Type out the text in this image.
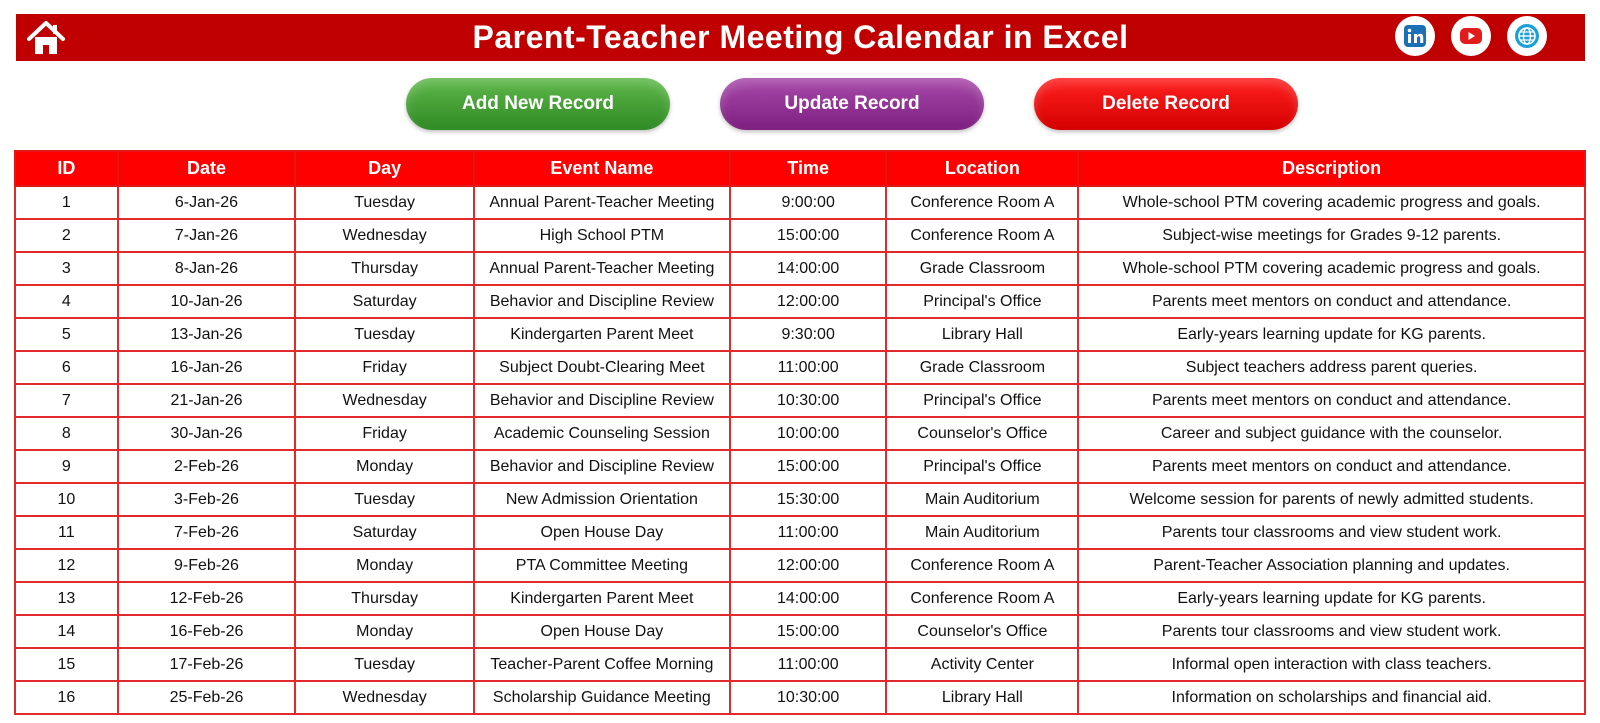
Parent-Teacher Meeting Calendar in Excel
Add New Record	Update Record	Delete Record
ID	Date	Day	Event Name	Time	Location	Description
1	6-Jan-26	Tuesday	Annual Parent-Teacher Meeting	9:00:00	Conference Room A	Whole-school PTM covering academic progress and goals.
2	7-Jan-26	Wednesday	High School PTM	15:00:00	Conference Room A	Subject-wise meetings for Grades 9-12 parents.
3	8-Jan-26	Thursday	Annual Parent-Teacher Meeting	14:00:00	Grade Classroom	Whole-school PTM covering academic progress and goals.
4	10-Jan-26	Saturday	Behavior and Discipline Review	12:00:00	Principal's Office	Parents meet mentors on conduct and attendance.
5	13-Jan-26	Tuesday	Kindergarten Parent Meet	9:30:00	Library Hall	Early-years learning update for KG parents.
6	16-Jan-26	Friday	Subject Doubt-Clearing Meet	11:00:00	Grade Classroom	Subject teachers address parent queries.
7	21-Jan-26	Wednesday	Behavior and Discipline Review	10:30:00	Principal's Office	Parents meet mentors on conduct and attendance.
8	30-Jan-26	Friday	Academic Counseling Session	10:00:00	Counselor's Office	Career and subject guidance with the counselor.
9	2-Feb-26	Monday	Behavior and Discipline Review	15:00:00	Principal's Office	Parents meet mentors on conduct and attendance.
10	3-Feb-26	Tuesday	New Admission Orientation	15:30:00	Main Auditorium	Welcome session for parents of newly admitted students.
11	7-Feb-26	Saturday	Open House Day	11:00:00	Main Auditorium	Parents tour classrooms and view student work.
12	9-Feb-26	Monday	PTA Committee Meeting	12:00:00	Conference Room A	Parent-Teacher Association planning and updates.
13	12-Feb-26	Thursday	Kindergarten Parent Meet	14:00:00	Conference Room A	Early-years learning update for KG parents.
14	16-Feb-26	Monday	Open House Day	15:00:00	Counselor's Office	Parents tour classrooms and view student work.
15	17-Feb-26	Tuesday	Teacher-Parent Coffee Morning	11:00:00	Activity Center	Informal open interaction with class teachers.
16	25-Feb-26	Wednesday	Scholarship Guidance Meeting	10:30:00	Library Hall	Information on scholarships and financial aid.
